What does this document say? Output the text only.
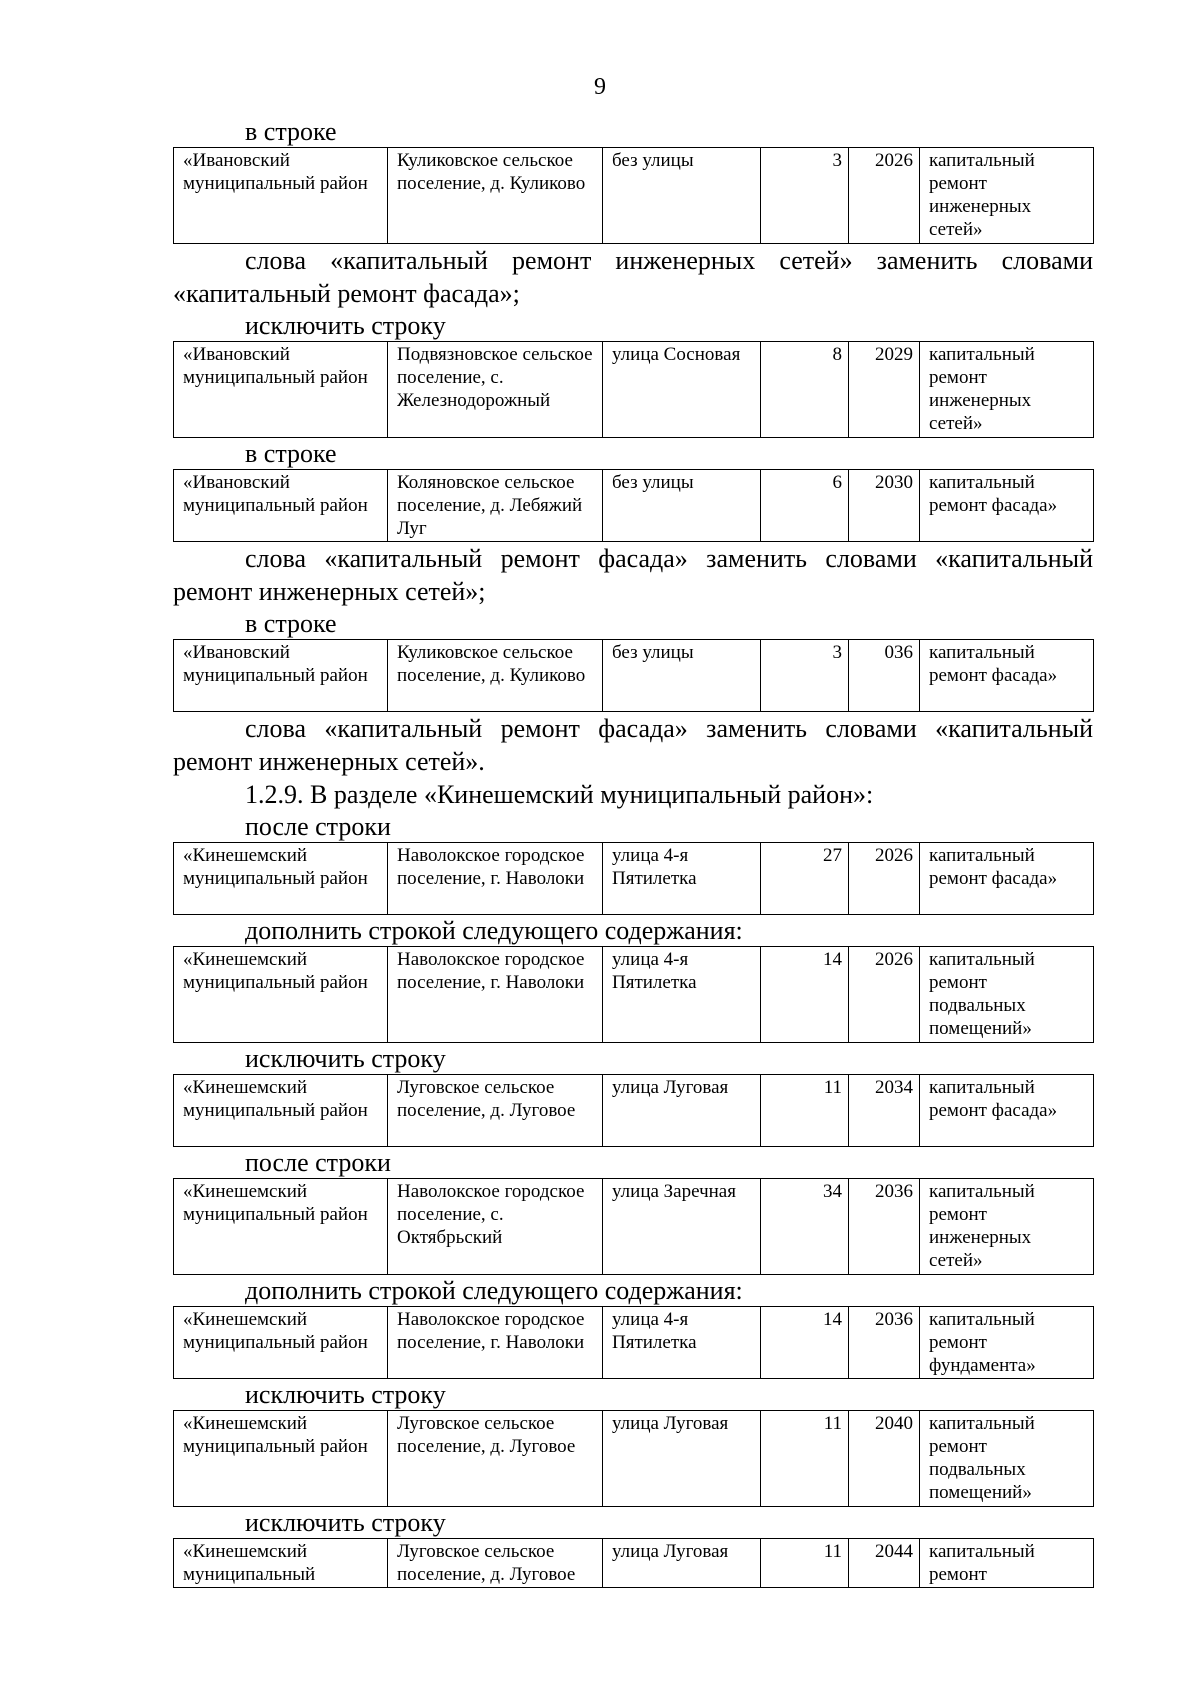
9

в строке

«Ивановский муниципальный район	Куликовское сельское поселение, д. Куликово	без улицы	3	2026	капитальный ремонт инженерных сетей»

слова «капитальный ремонт инженерных сетей» заменить словами «капитальный ремонт фасада»;

исключить строку

«Ивановский муниципальный район	Подвязновское сельское поселение, с. Железнодорожный	улица Сосновая	8	2029	капитальный ремонт инженерных сетей»

в строке

«Ивановский муниципальный район	Коляновское сельское поселение, д. Лебяжий Луг	без улицы	6	2030	капитальный ремонт фасада»

слова «капитальный ремонт фасада» заменить словами «капитальный ремонт инженерных сетей»;

в строке

«Ивановский муниципальный район	Куликовское сельское поселение, д. Куликово	без улицы	3	036	капитальный ремонт фасада»

слова «капитальный ремонт фасада» заменить словами «капитальный ремонт инженерных сетей».

1.2.9. В разделе «Кинешемский муниципальный район»:

после строки

«Кинешемский муниципальный район	Наволокское городское поселение, г. Наволоки	улица 4-я Пятилетка	27	2026	капитальный ремонт фасада»

дополнить строкой следующего содержания:

«Кинешемский муниципальный район	Наволокское городское поселение, г. Наволоки	улица 4-я Пятилетка	14	2026	капитальный ремонт подвальных помещений»

исключить строку

«Кинешемский муниципальный район	Луговское сельское поселение, д. Луговое	улица Луговая	11	2034	капитальный ремонт фасада»

после строки

«Кинешемский муниципальный район	Наволокское городское поселение, с. Октябрьский	улица Заречная	34	2036	капитальный ремонт инженерных сетей»

дополнить строкой следующего содержания:

«Кинешемский муниципальный район	Наволокское городское поселение, г. Наволоки	улица 4-я Пятилетка	14	2036	капитальный ремонт фундамента»

исключить строку

«Кинешемский муниципальный район	Луговское сельское поселение, д. Луговое	улица Луговая	11	2040	капитальный ремонт подвальных помещений»

исключить строку

«Кинешемский муниципальный	Луговское сельское поселение, д. Луговое	улица Луговая	11	2044	капитальный ремонт
